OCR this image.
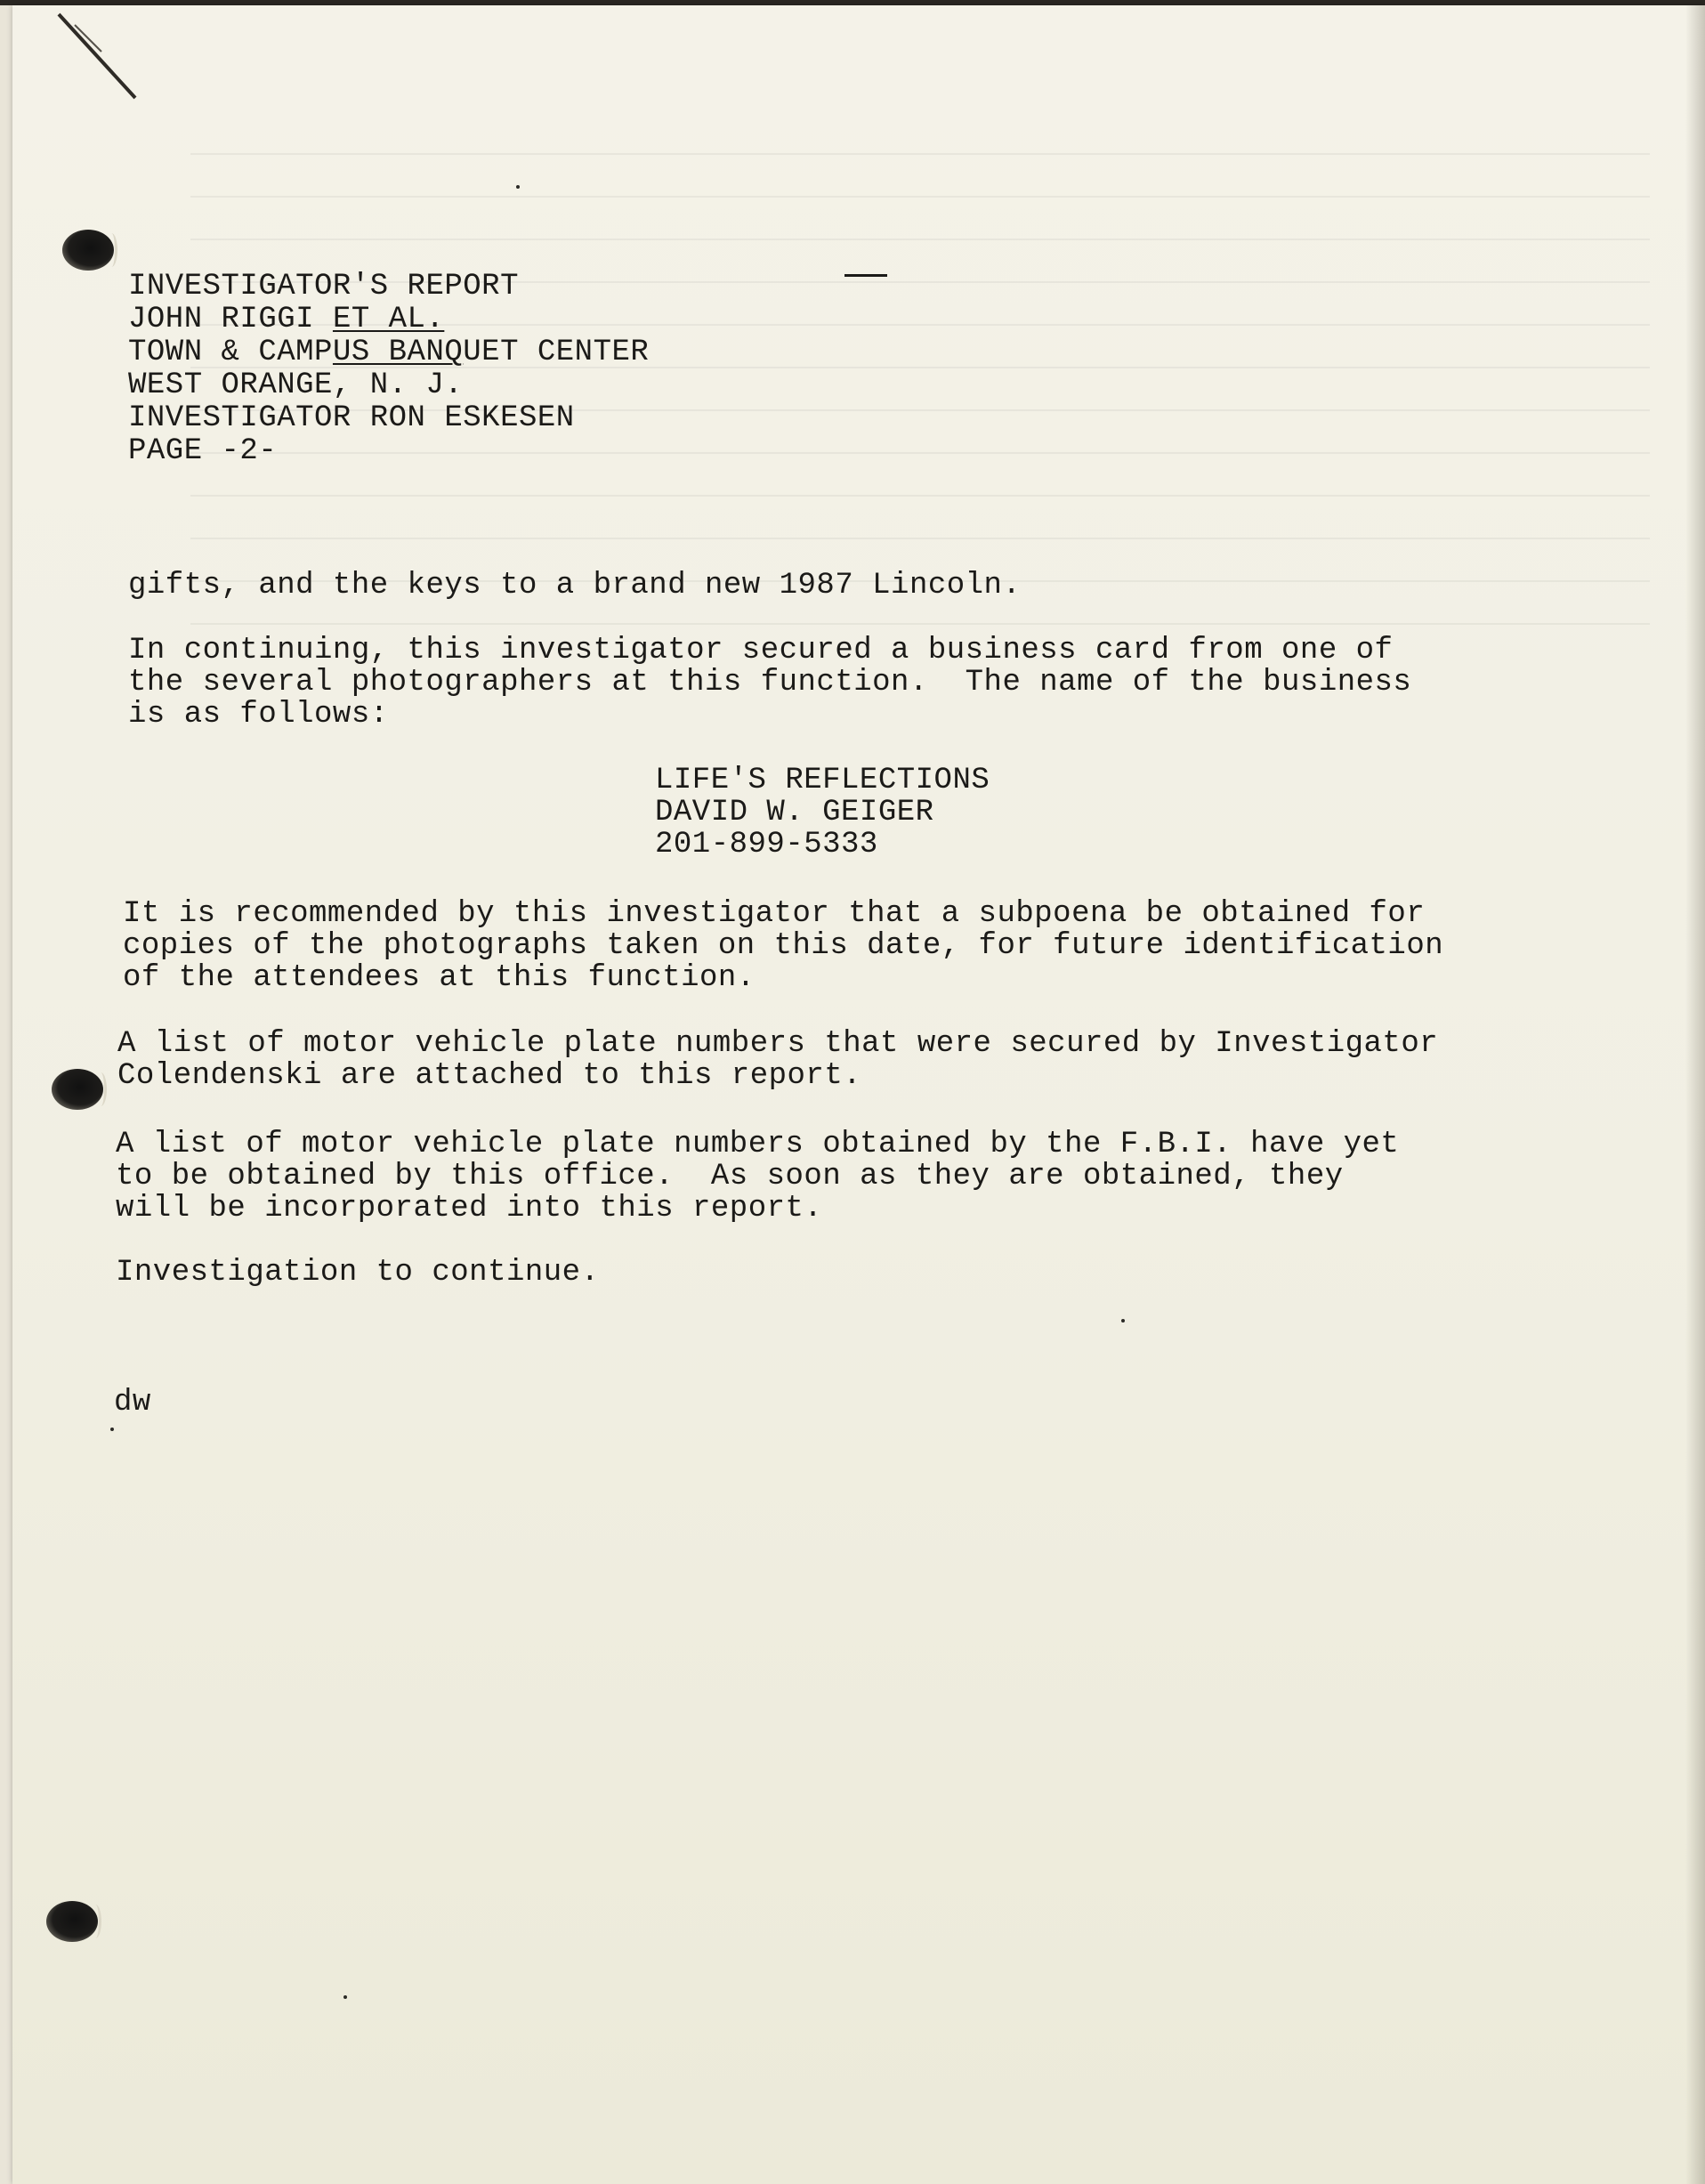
INVESTIGATOR'S REPORT
JOHN RIGGI ET AL.
TOWN & CAMPUS BANQUET CENTER
WEST ORANGE, N. J.
INVESTIGATOR RON ESKESEN
PAGE -2-

gifts, and the keys to a brand new 1987 Lincoln.

In continuing, this investigator secured a business card from one of
the several photographers at this function.  The name of the business
is as follows:

LIFE'S REFLECTIONS
DAVID W. GEIGER
201-899-5333

It is recommended by this investigator that a subpoena be obtained for
copies of the photographs taken on this date, for future identification
of the attendees at this function.

A list of motor vehicle plate numbers that were secured by Investigator
Colendenski are attached to this report.

A list of motor vehicle plate numbers obtained by the F.B.I. have yet
to be obtained by this office.  As soon as they are obtained, they
will be incorporated into this report.

Investigation to continue.

dw
